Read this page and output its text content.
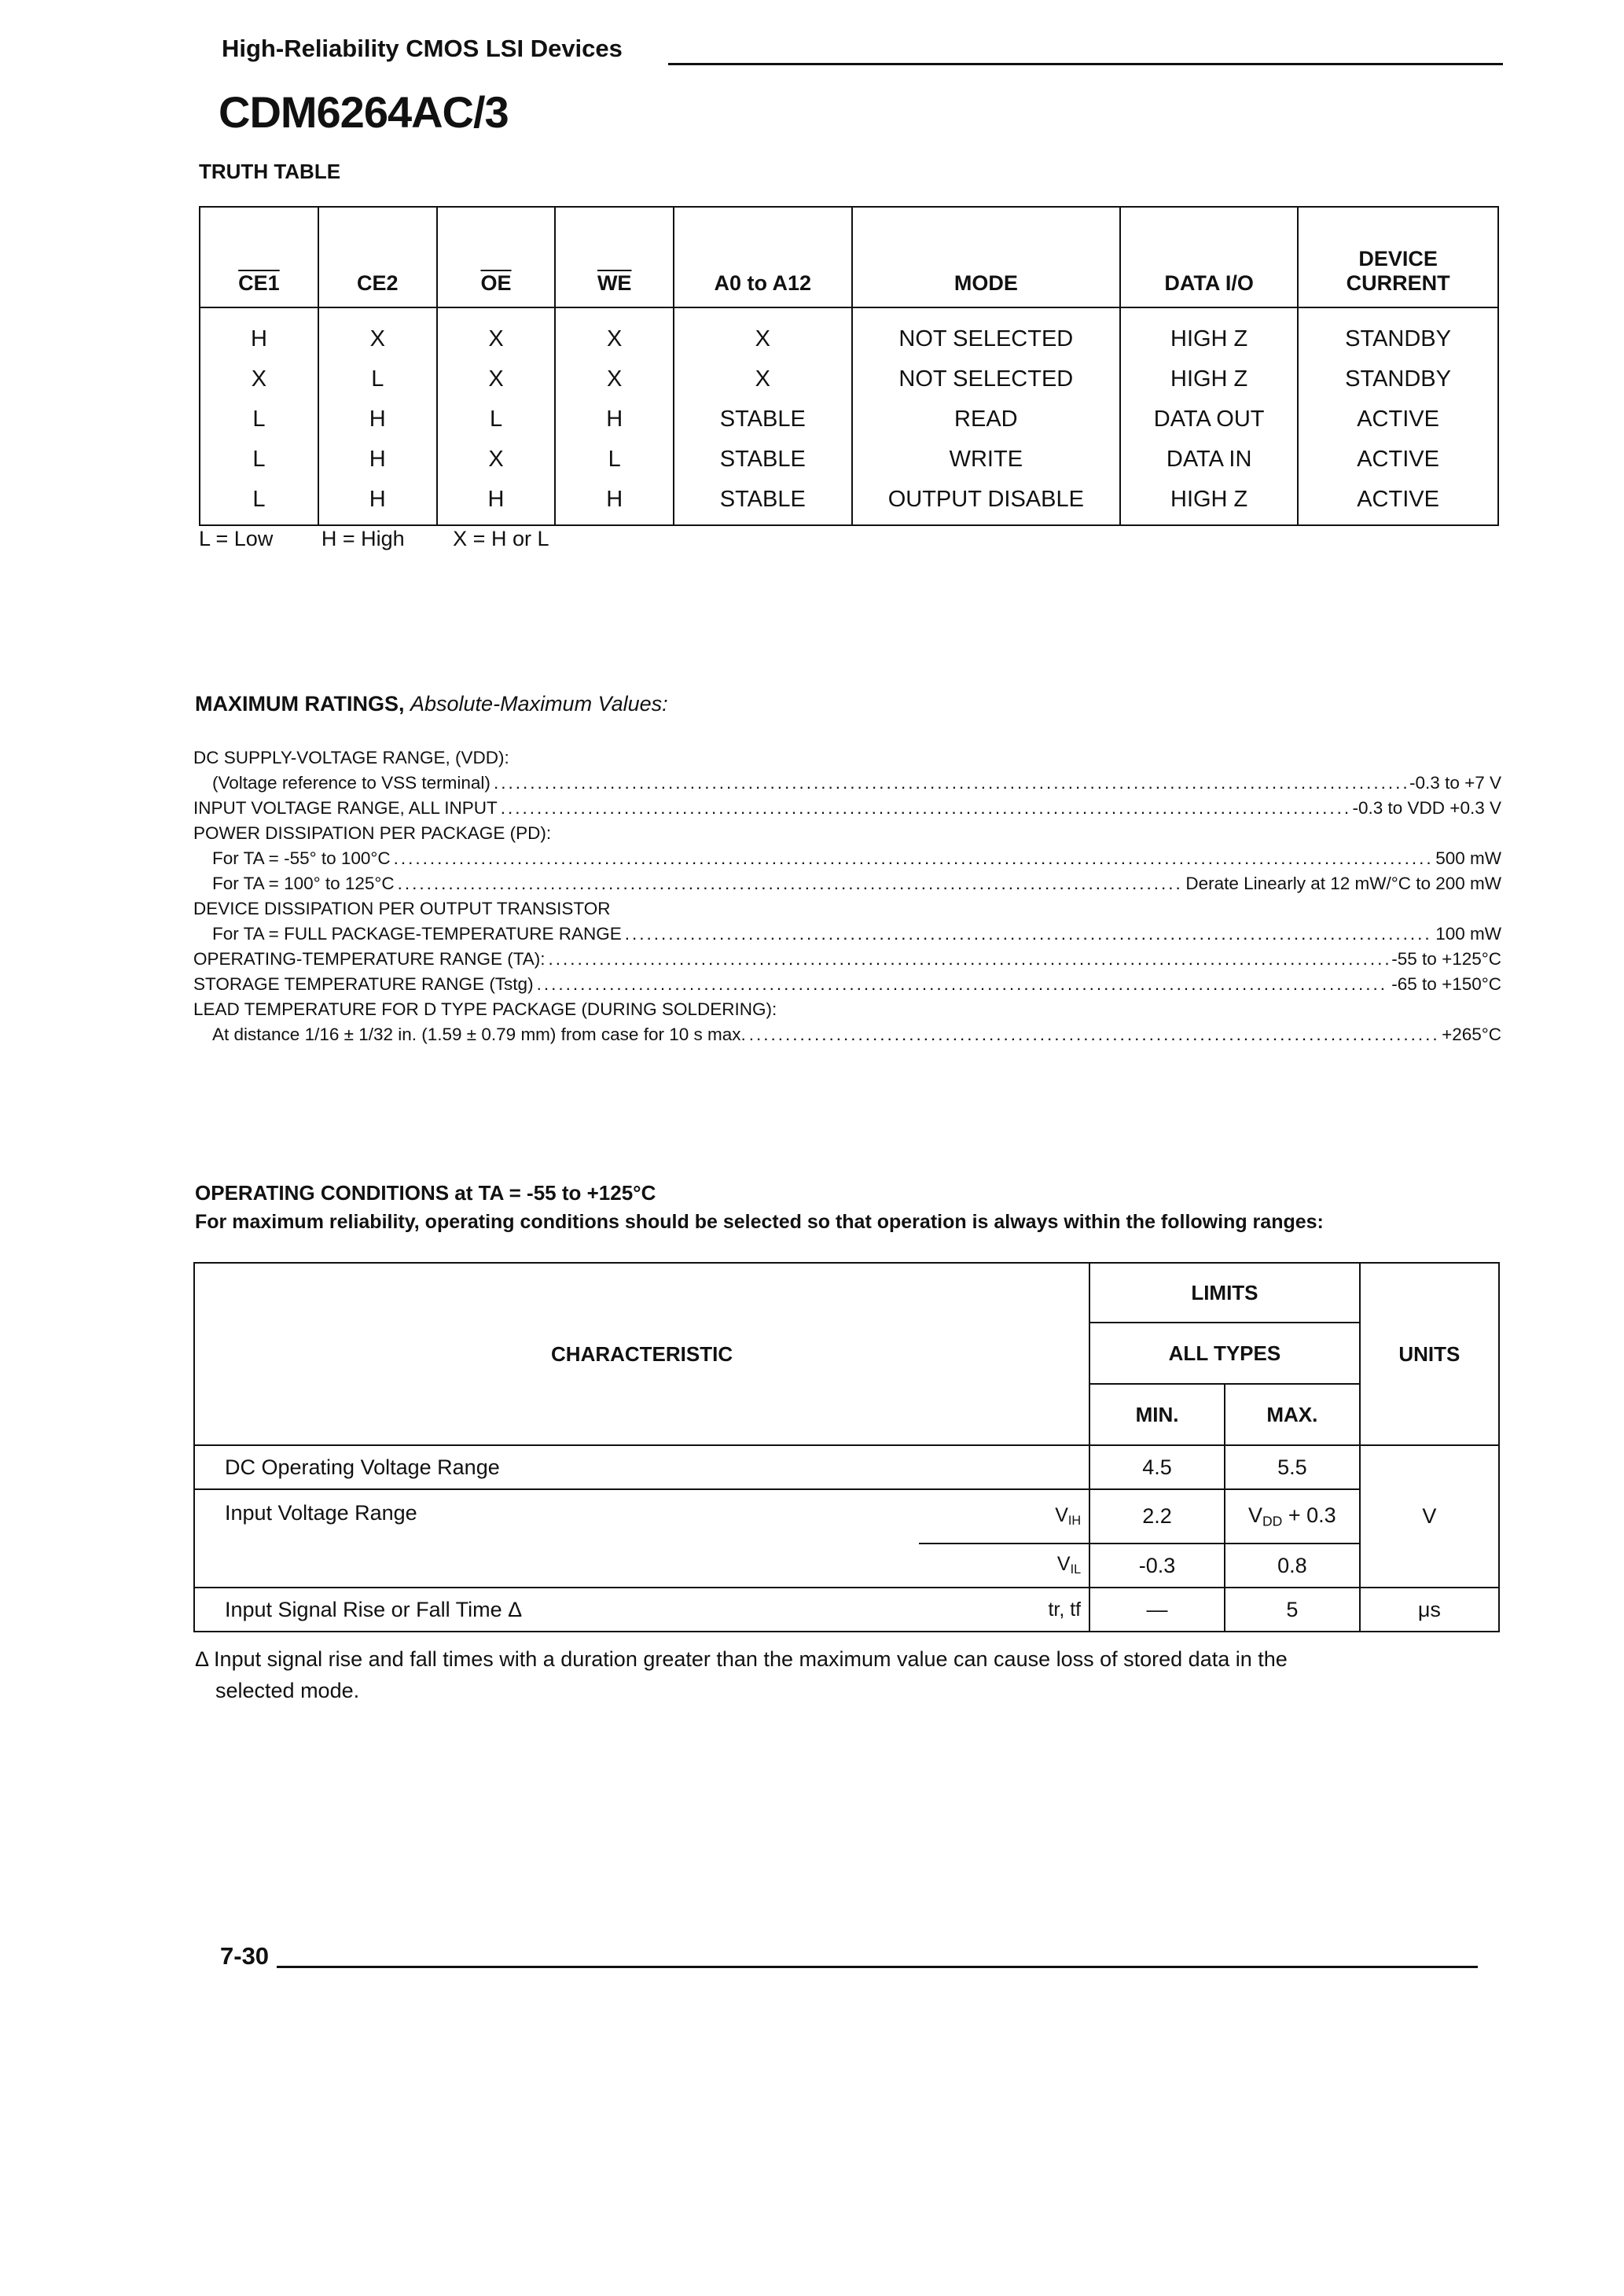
High-Reliability CMOS LSI Devices
CDM6264AC/3
TRUTH TABLE
CE1	CE2	$\overline{OE}$	$\overline{WE}$	A0 to A12	MODE	DATA I/O	DEVICE CURRENT
H	X	X	X	X	NOT SELECTED	HIGH Z	STANDBY
X	L	X	X	X	NOT SELECTED	HIGH Z	STANDBY
L	H	L	H	STABLE	READ	DATA OUT	ACTIVE
L	H	X	L	STABLE	WRITE	DATA IN	ACTIVE
L	H	H	H	STABLE	OUTPUT DISABLE	HIGH Z	ACTIVE
L = Low H = High X = H or L
MAXIMUM RATINGS, Absolute-Maximum Values:
DC SUPPLY-VOLTAGE RANGE, (VDD):
(Voltage reference to VSS terminal) .....	-0.3 to +7 V
INPUT VOLTAGE RANGE, ALL INPUT .....	-0.3 to VDD +0.3 V
POWER DISSIPATION PER PACKAGE (PD):
For TA = -55° to 100°C .....	500 mW
For TA = 100° to 125°C .....	Derate Linearly at 12 mW/°C to 200 mW
DEVICE DISSIPATION PER OUTPUT TRANSISTOR
For TA = FULL PACKAGE-TEMPERATURE RANGE .....	100 mW
OPERATING-TEMPERATURE RANGE (TA): .....	-55 to +125°C
STORAGE TEMPERATURE RANGE (Tstg) .....	-65 to +150°C
LEAD TEMPERATURE FOR D TYPE PACKAGE (DURING SOLDERING):
At distance 1/16 ± 1/32 in. (1.59 ± 0.79 mm) from case for 10 s max. .....	+265°C
OPERATING CONDITIONS at TA = -55 to +125°C
For maximum reliability, operating conditions should be selected so that operation is always within the following ranges:
CHARACTERISTIC		LIMITS		UNITS
		ALL TYPES		
		MIN.	MAX.	
DC Operating Voltage Range		4.5	5.5	V
Input Voltage Range	$V_{IH}$	2.2	$V_{DD} + 0.3$	
	$V_{IL}$	-0.3	0.8	
Input Signal Rise or Fall Time Δ	tr, tf	—	5	μs
Δ Input signal rise and fall times with a duration greater than the maximum value can cause loss of stored data in the
selected mode.
7-30
